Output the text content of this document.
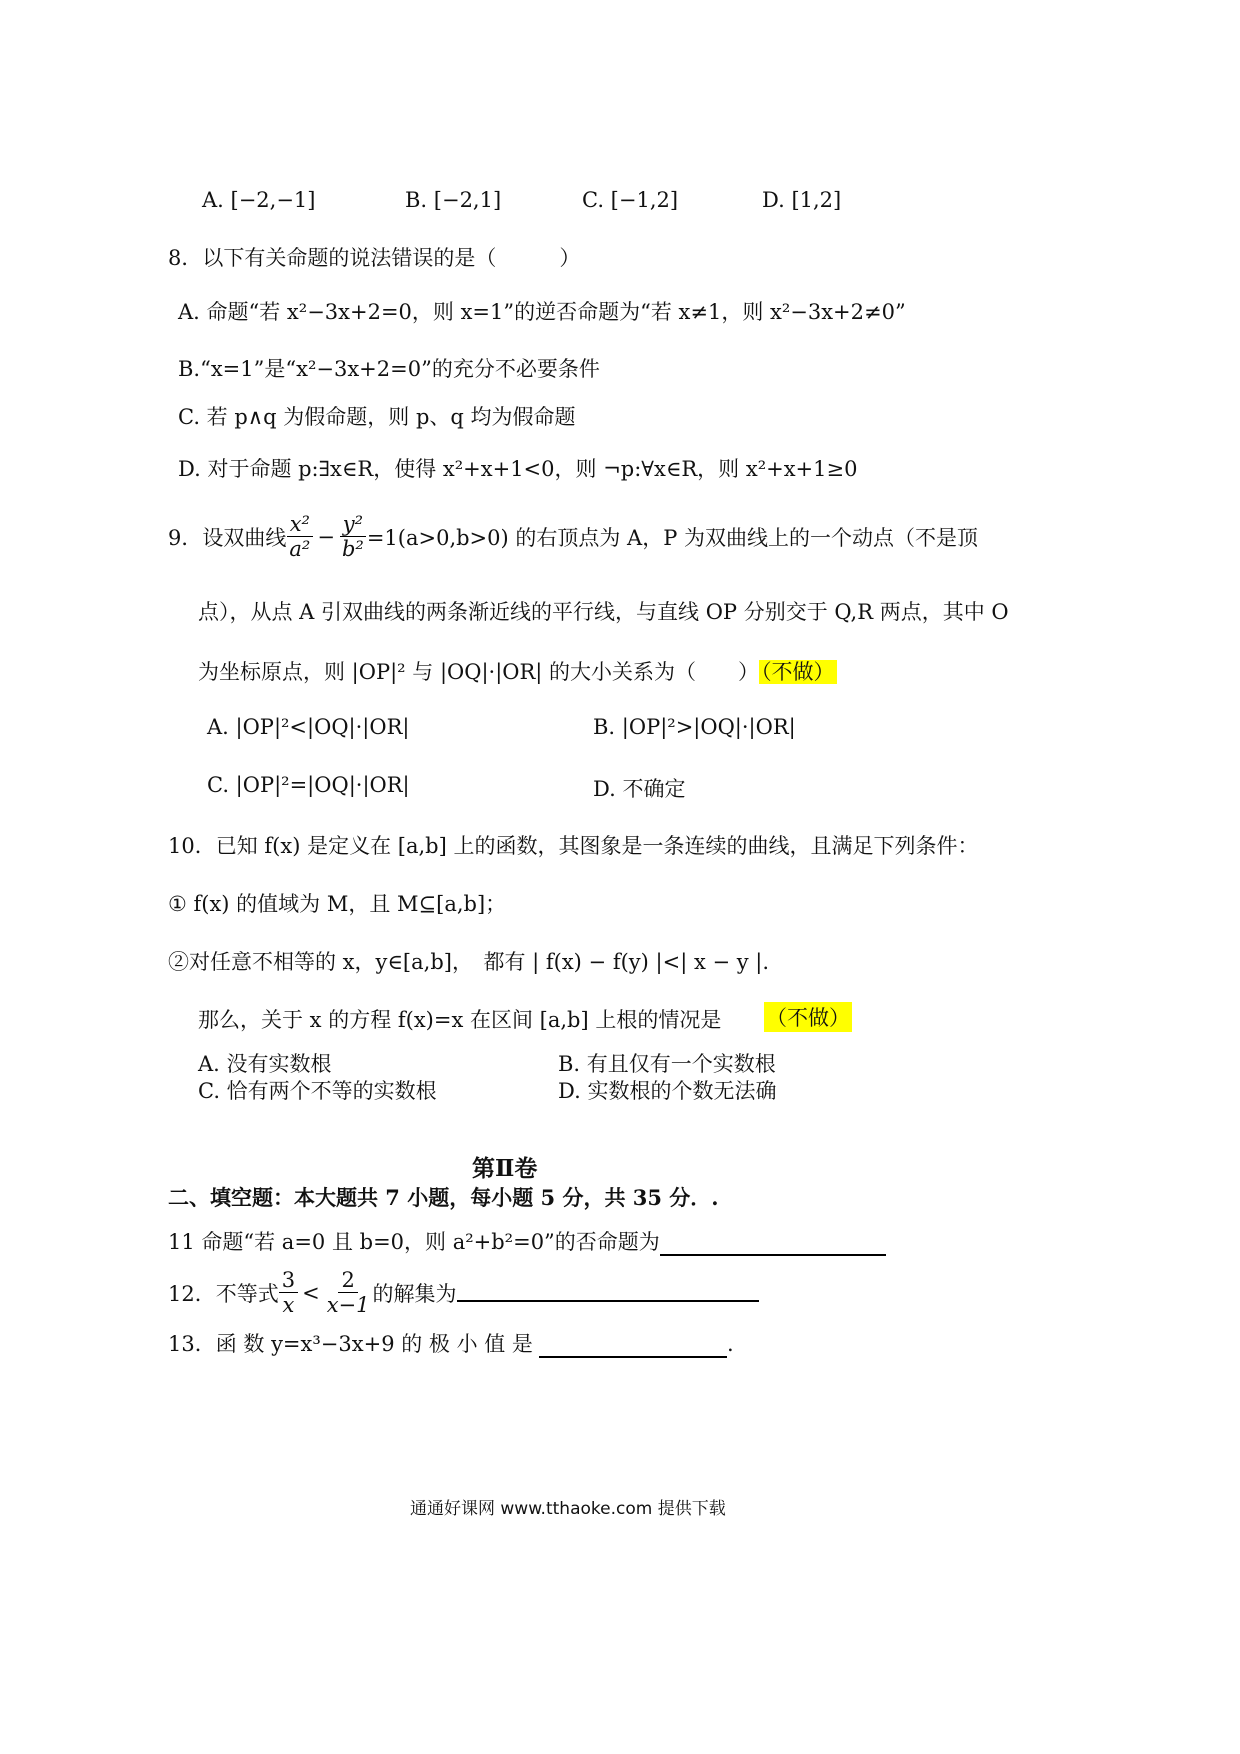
A. [−2,−1]	B. [−2,1]	C. [−1,2]	D. [1,2]
8．以下有关命题的说法错误的是（　　　）
A. 命题“若 x²−3x+2=0，则 x=1”的逆否命题为“若 x≠1，则 x²−3x+2≠0”
B.“x=1”是“x²−3x+2=0”的充分不必要条件
C. 若 p∧q 为假命题，则 p、q 均为假命题
D. 对于命题 p:∃x∈R，使得 x²+x+1<0，则 ¬p:∀x∈R，则 x²+x+1≥0
9．设双曲线 $\frac{\text{x²}}{\text{a²}} - \frac{\text{y²}}{\text{b²}} =1(a>0,b>0)$ 的右顶点为 A，P 为双曲线上的一个动点（不是顶
点），从点 A 引双曲线的两条渐近线的平行线，与直线 OP 分别交于 Q,R 两点，其中 O
为坐标原点，则 |OP|² 与 |OQ|·|OR| 的大小关系为（　　）（不做）
A. |OP|²<|OQ|·|OR|	B. |OP|²>|OQ|·|OR|
C. |OP|²=|OQ|·|OR|	D. 不确定
10．已知 f(x) 是定义在 [a,b] 上的函数，其图象是一条连续的曲线，且满足下列条件：
① f(x) 的值域为 M，且 M⊆[a,b]；
②对任意不相等的 x，y∈[a,b]，　都有 | f(x) − f(y) |<| x − y |.
那么，关于 x 的方程 f(x)=x 在区间 [a,b] 上根的情况是 （不做）
A. 没有实数根	B. 有且仅有一个实数根
C. 恰有两个不等的实数根	D. 实数根的个数无法确
第Ⅱ卷
二、填空题：本大题共 7 小题，每小题 5 分，共 35 分．.
11 命题“若 a=0 且 b=0，则 a²+b²=0”的否命题为
12．不等式 $\frac{3}{x} < \frac{2}{x-1}$ 的解集为
13．函 数 y=x³−3x+9 的 极 小 值 是	.
通通好课网 www.tthaoke.com 提供下载
